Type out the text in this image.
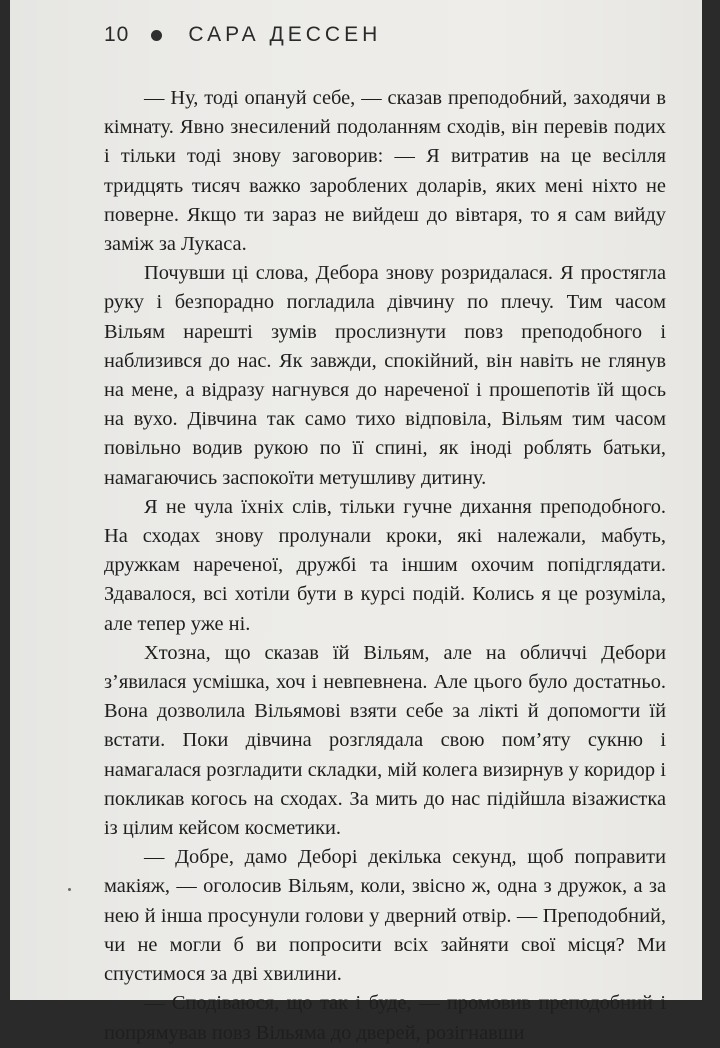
10	САРА ДЕССЕН

— Ну, тоді опануй себе, — сказав преподобний, заходячи в кімнату. Явно знесилений подоланням сходів, він перевів подих і тільки тоді знову заговорив: — Я витратив на це весілля тридцять тисяч важко зароблених доларів, яких мені ніхто не поверне. Якщо ти зараз не вийдеш до вівтаря, то я сам вийду заміж за Лукаса.

Почувши ці слова, Дебора знову розридалася. Я простягла руку і безпорадно погладила дівчину по плечу. Тим часом Вільям нарешті зумів прослизнути повз преподобного і наблизився до нас. Як завжди, спокійний, він навіть не глянув на мене, а відразу нагнувся до нареченої і прошепотів їй щось на вухо. Дівчина так само тихо відповіла, Вільям тим часом повільно водив рукою по її спині, як іноді роблять батьки, намагаючись заспокоїти метушливу дитину.

Я не чула їхніх слів, тільки гучне дихання преподобного. На сходах знову пролунали кроки, які належали, мабуть, дружкам нареченої, дружбі та іншим охочим попідглядати. Здавалося, всі хотіли бути в курсі подій. Колись я це розуміла, але тепер уже ні.

Хтозна, що сказав їй Вільям, але на обличчі Дебори з’явилася усмішка, хоч і невпевнена. Але цього було достатньо. Вона дозволила Вільямові взяти себе за лікті й допомогти їй встати. Поки дівчина розглядала свою пом’яту сукню і намагалася розгладити складки, мій колега визирнув у коридор і покликав когось на сходах. За мить до нас підійшла візажистка із цілим кейсом косметики.

— Добре, дамо Деборі декілька секунд, щоб поправити макіяж, — оголосив Вільям, коли, звісно ж, одна з дружок, а за нею й інша просунули голови у дверний отвір. — Преподобний, чи не могли б ви попросити всіх зайняти свої місця? Ми спустимося за дві хвилини.

— Сподіваюся, що так і буде, — промовив преподобний і попрямував повз Вільяма до дверей, розігнавши
